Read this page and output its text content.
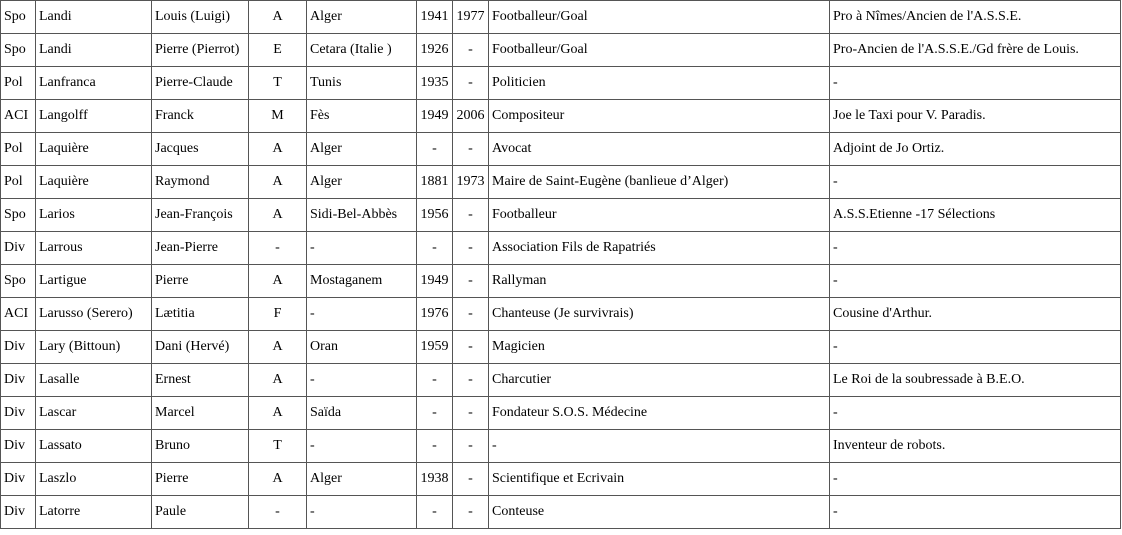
Spo	Landi	Louis (Luigi)	A	Alger	1941	1977	Footballeur/Goal	Pro à Nîmes/Ancien de l'A.S.S.E.
Spo	Landi	Pierre (Pierrot)	E	Cetara (Italie )	1926	-	Footballeur/Goal	Pro-Ancien de l'A.S.S.E./Gd frère de Louis.
Pol	Lanfranca	Pierre-Claude	T	Tunis	1935	-	Politicien	-
ACI	Langolff	Franck	M	Fès	1949	2006	Compositeur	Joe le Taxi pour V. Paradis.
Pol	Laquière	Jacques	A	Alger	-	-	Avocat	Adjoint de Jo Ortiz.
Pol	Laquière	Raymond	A	Alger	1881	1973	Maire de Saint-Eugène (banlieue d’Alger)	-
Spo	Larios	Jean-François	A	Sidi-Bel-Abbès	1956	-	Footballeur	A.S.S.Etienne -17 Sélections
Div	Larrous	Jean-Pierre	-	-	-	-	Association Fils de Rapatriés	-
Spo	Lartigue	Pierre	A	Mostaganem	1949	-	Rallyman	-
ACI	Larusso (Serero)	Lætitia	F	-	1976	-	Chanteuse (Je survivrais)	Cousine d'Arthur.
Div	Lary (Bittoun)	Dani (Hervé)	A	Oran	1959	-	Magicien	-
Div	Lasalle	Ernest	A	-	-	-	Charcutier	Le Roi de la soubressade à B.E.O.
Div	Lascar	Marcel	A	Saïda	-	-	Fondateur S.O.S. Médecine	-
Div	Lassato	Bruno	T	-	-	-	-	Inventeur de robots.
Div	Laszlo	Pierre	A	Alger	1938	-	Scientifique et Ecrivain	-
Div	Latorre	Paule	-	-	-	-	Conteuse	-
